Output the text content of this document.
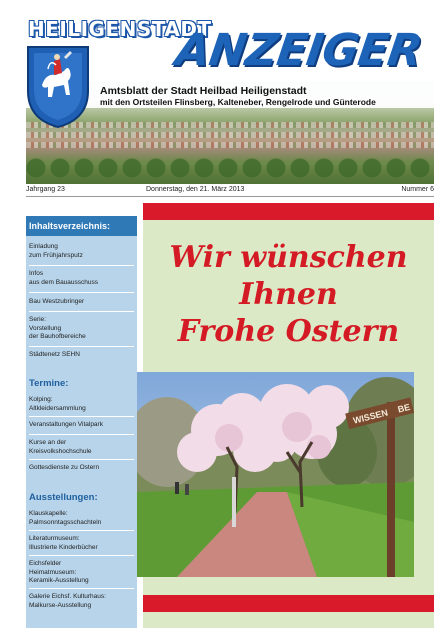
HEILIGENSTADT
ANZEIGER
Amtsblatt der Stadt Heilbad Heiligenstadt
mit den Ortsteilen Flinsberg, Kalteneber, Rengelrode und Günterode
Jahrgang 23	Donnerstag, den 21. März 2013	Nummer 6
Inhaltsverzeichnis:
Einladung
zum Frühjahrsputz
Infos
aus dem Bauausschuss
Bau Westzubringer
Serie:
Vorstellung
der Bauhofbereiche
Städtenetz SEHN
Termine:
Kolping:
Altkleidersammlung
Veranstaltungen Vitalpark
Kurse an der
Kreisvolkshochschule
Gottesdienste zu Ostern
Ausstellungen:
Klauskapelle:
Palmsonntagsschachteln
Literaturmuseum:
Illustrierte Kinderbücher
Eichsfelder
Heimatmuseum:
Keramik-Ausstellung
Galerie Eichsf. Kulturhaus:
Malkurse-Ausstellung
Wir wünschen
Ihnen
Frohe Ostern
WISSEN BE
